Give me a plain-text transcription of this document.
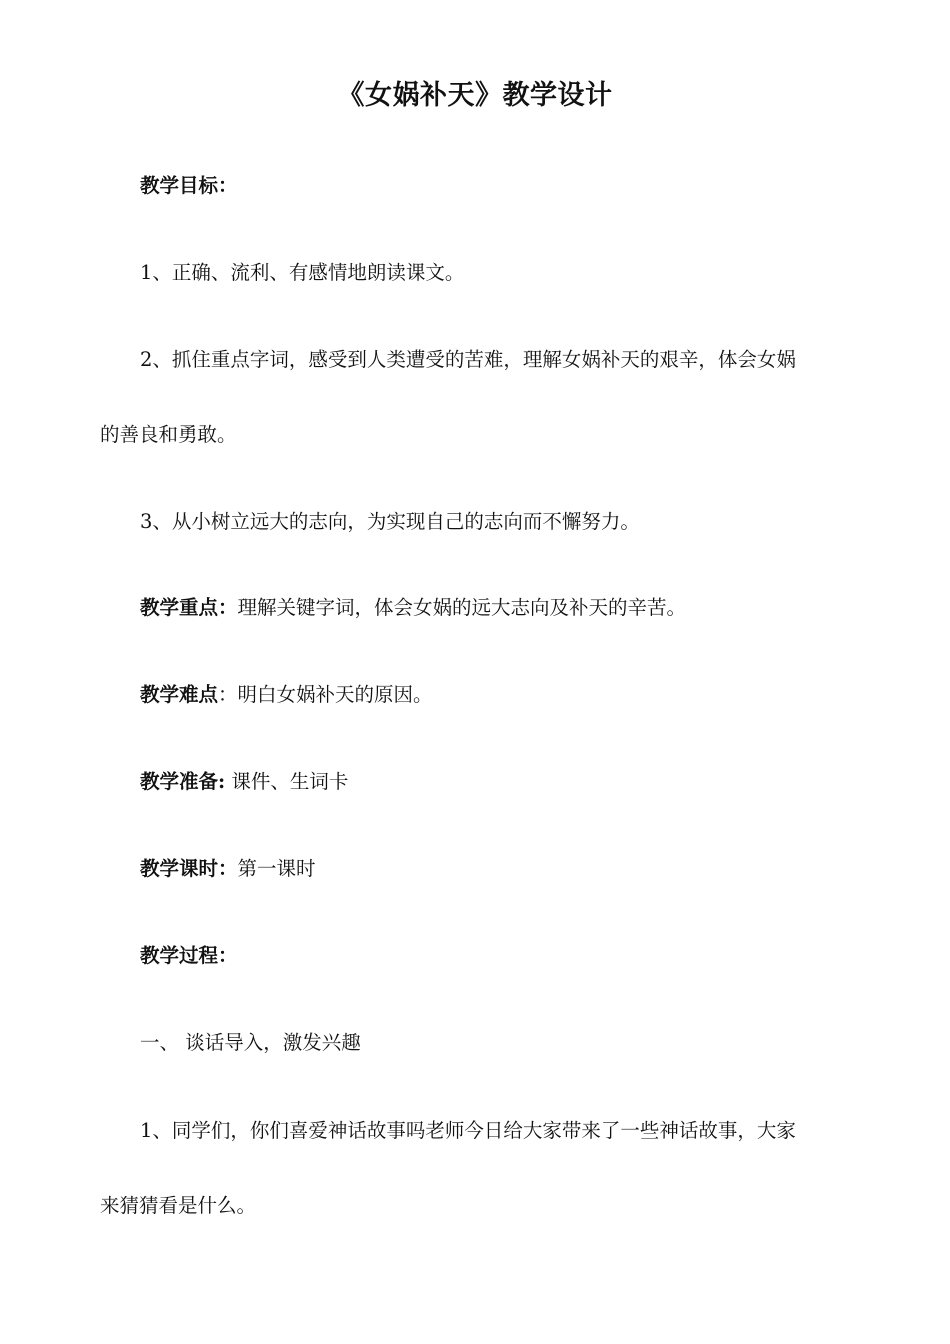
《女娲补天》教学设计
教学目标：
1、正确、流利、有感情地朗读课文。
2、抓住重点字词，感受到人类遭受的苦难，理解女娲补天的艰辛，体会女娲
的善良和勇敢。
3、从小树立远大的志向，为实现自己的志向而不懈努力。
教学重点：理解关键字词，体会女娲的远大志向及补天的辛苦。
教学难点：明白女娲补天的原因。
教学准备: 课件、生词卡
教学课时：第一课时
教学过程：
一、 谈话导入，激发兴趣
1、同学们，你们喜爱神话故事吗老师今日给大家带来了一些神话故事，大家
来猜猜看是什么。
